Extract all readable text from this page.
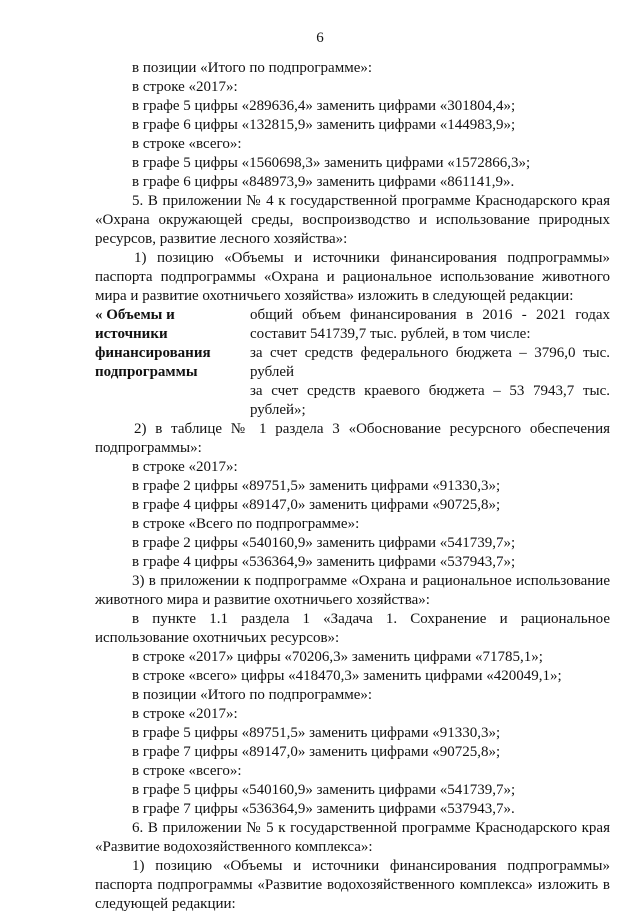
6
в позиции «Итого по подпрограмме»:
в строке «2017»:
в графе 5 цифры «289636,4» заменить цифрами «301804,4»;
в графе 6 цифры «132815,9» заменить цифрами «144983,9»;
в строке «всего»:
в графе 5 цифры «1560698,3» заменить цифрами «1572866,3»;
в графе 6 цифры «848973,9» заменить цифрами «861141,9».
5. В приложении № 4 к государственной программе Краснодарского края
«Охрана окружающей среды, воспроизводство и использование природных
ресурсов, развитие лесного хозяйства»:
1) позицию «Объемы и источники финансирования подпрограммы»
паспорта подпрограммы «Охрана и рациональное использование животного
мира и развитие охотничьего хозяйства» изложить в следующей редакции:
« Объемы и
источники
финансирования
подпрограммы
общий объем финансирования в 2016 - 2021 годах
составит 541739,7 тыс. рублей, в том числе:
за счет средств федерального бюджета – 3796,0 тыс.
рублей
за счет средств краевого бюджета – 53 7943,7 тыс.
рублей»;
2) в таблице № 1 раздела 3 «Обоснование ресурсного обеспечения
подпрограммы»:
в строке «2017»:
в графе 2 цифры «89751,5» заменить цифрами «91330,3»;
в графе 4 цифры «89147,0» заменить цифрами «90725,8»;
в строке «Всего по подпрограмме»:
в графе 2 цифры «540160,9» заменить цифрами «541739,7»;
в графе 4 цифры «536364,9» заменить цифрами «537943,7»;
3) в приложении к подпрограмме «Охрана и рациональное использование
животного мира и развитие охотничьего хозяйства»:
в пункте 1.1 раздела 1 «Задача 1. Сохранение и рациональное
использование охотничьих ресурсов»:
в строке «2017» цифры «70206,3» заменить цифрами «71785,1»;
в строке «всего» цифры «418470,3» заменить цифрами «420049,1»;
в позиции «Итого по подпрограмме»:
в строке «2017»:
в графе 5 цифры «89751,5» заменить цифрами «91330,3»;
в графе 7 цифры «89147,0» заменить цифрами «90725,8»;
в строке «всего»:
в графе 5 цифры «540160,9» заменить цифрами «541739,7»;
в графе 7 цифры «536364,9» заменить цифрами «537943,7».
6. В приложении № 5 к государственной программе Краснодарского края
«Развитие водохозяйственного комплекса»:
1) позицию «Объемы и источники финансирования подпрограммы»
паспорта подпрограммы «Развитие водохозяйственного комплекса» изложить в
следующей редакции:
